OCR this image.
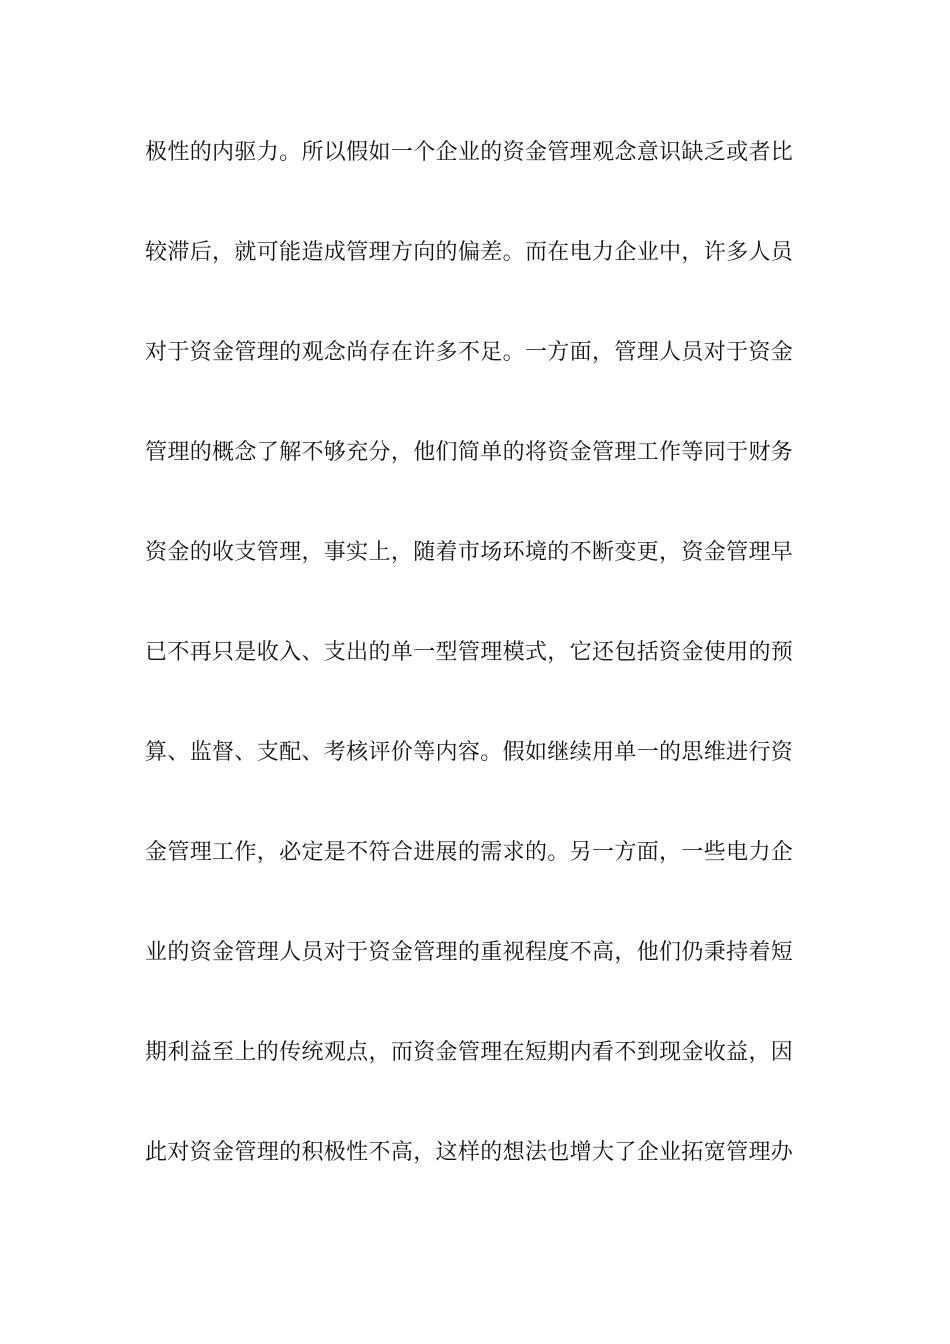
极性的内驱力。所以假如一个企业的资金管理观念意识缺乏或者比
较滞后，就可能造成管理方向的偏差。而在电力企业中，许多人员
对于资金管理的观念尚存在许多不足。一方面，管理人员对于资金
管理的概念了解不够充分，他们简单的将资金管理工作等同于财务
资金的收支管理，事实上，随着市场环境的不断变更，资金管理早
已不再只是收入、支出的单一型管理模式，它还包括资金使用的预
算、监督、支配、考核评价等内容。假如继续用单一的思维进行资
金管理工作，必定是不符合进展的需求的。另一方面，一些电力企
业的资金管理人员对于资金管理的重视程度不高，他们仍秉持着短
期利益至上的传统观点，而资金管理在短期内看不到现金收益，因
此对资金管理的积极性不高，这样的想法也增大了企业拓宽管理办
